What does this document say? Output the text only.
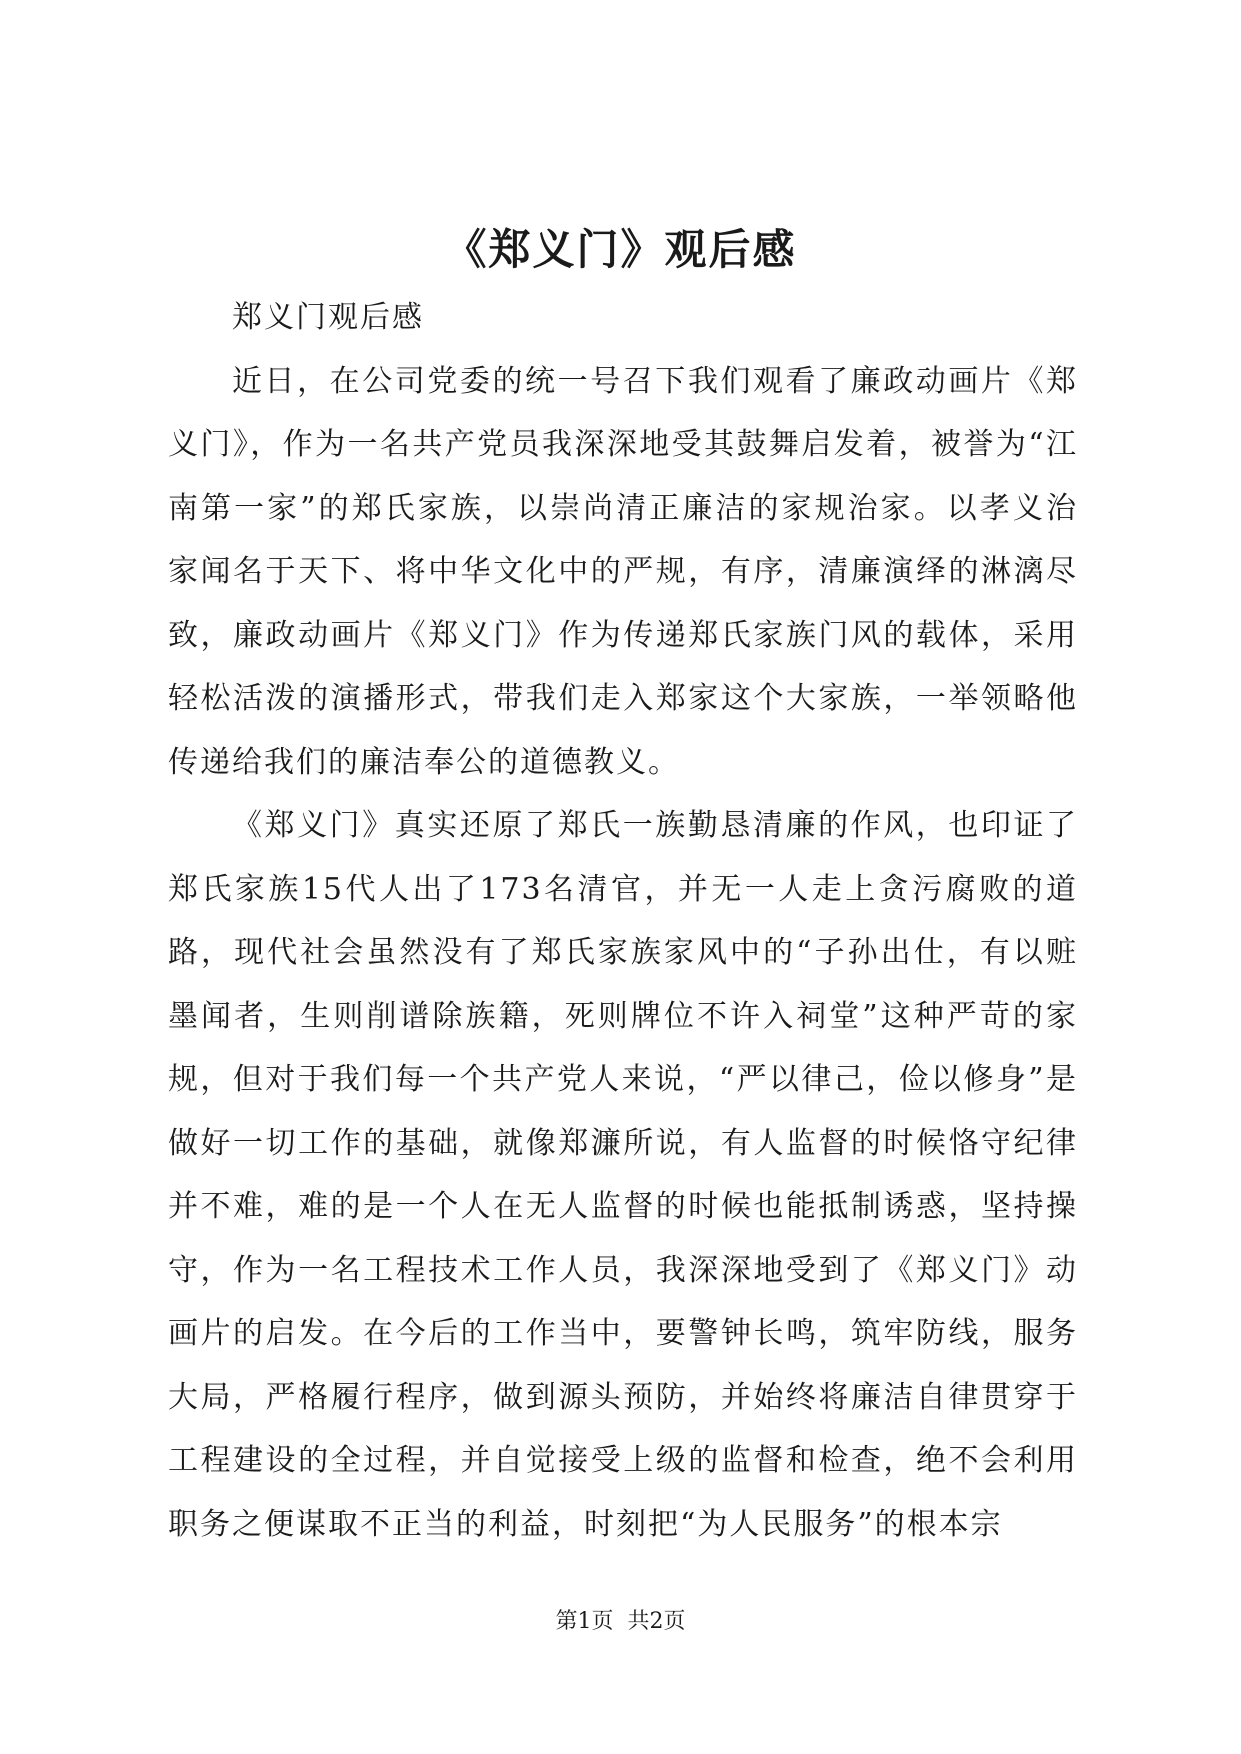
《郑义门》观后感

郑义门观后感

近日，在公司党委的统一号召下我们观看了廉政动画片《郑义门》，作为一名共产党员我深深地受其鼓舞启发着，被誉为“江南第一家”的郑氏家族，以崇尚清正廉洁的家规治家。以孝义治家闻名于天下、将中华文化中的严规，有序，清廉演绎的淋漓尽致，廉政动画片《郑义门》作为传递郑氏家族门风的载体，采用轻松活泼的演播形式，带我们走入郑家这个大家族，一举领略他传递给我们的廉洁奉公的道德教义。

《郑义门》真实还原了郑氏一族勤恳清廉的作风，也印证了郑氏家族15代人出了173名清官，并无一人走上贪污腐败的道路，现代社会虽然没有了郑氏家族家风中的“子孙出仕，有以赃墨闻者，生则削谱除族籍，死则牌位不许入祠堂”这种严苛的家规，但对于我们每一个共产党人来说，“严以律己，俭以修身”是做好一切工作的基础，就像郑濂所说，有人监督的时候恪守纪律并不难，难的是一个人在无人监督的时候也能抵制诱惑，坚持操守，作为一名工程技术工作人员，我深深地受到了《郑义门》动画片的启发。在今后的工作当中，要警钟长鸣，筑牢防线，服务大局，严格履行程序，做到源头预防，并始终将廉洁自律贯穿于工程建设的全过程，并自觉接受上级的监督和检查，绝不会利用职务之便谋取不正当的利益，时刻把“为人民服务”的根本宗

第1页 共2页
